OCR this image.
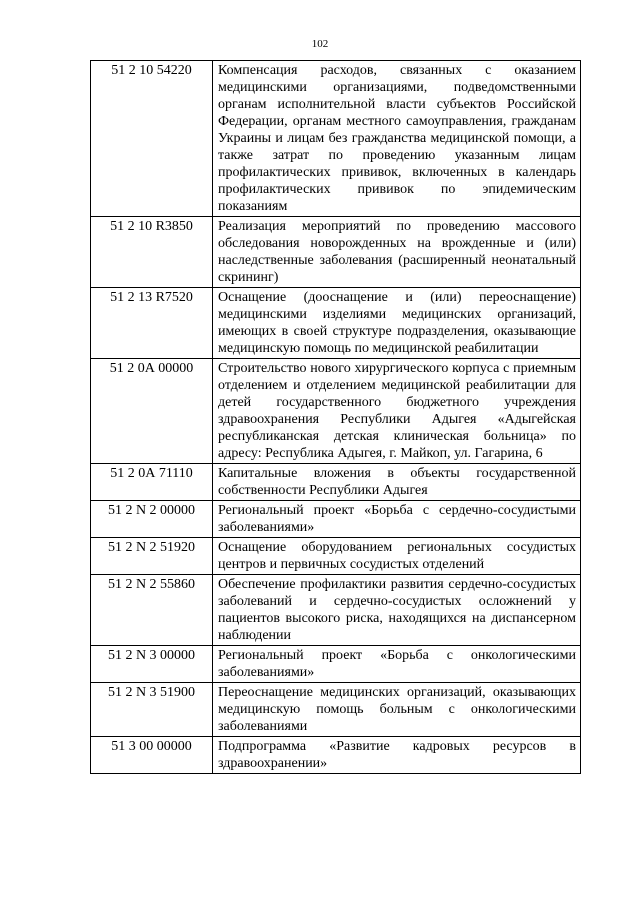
102
51 2 10 54220	Компенсация расходов, связанных с оказанием медицинскими организациями, подведомственными органам исполнительной власти субъектов Российской Федерации, органам местного самоуправления, гражданам Украины и лицам без гражданства медицинской помощи, а также затрат по проведению указанным лицам профилактических прививок, включенных в календарь профилактических прививок по эпидемическим показаниям
51 2 10 R3850	Реализация мероприятий по проведению массового обследования новорожденных на врожденные и (или) наследственные заболевания (расширенный неонатальный скрининг)
51 2 13 R7520	Оснащение (дооснащение и (или) переоснащение) медицинскими изделиями медицинских организаций, имеющих в своей структуре подразделения, оказывающие медицинскую помощь по медицинской реабилитации
51 2 0А 00000	Строительство нового хирургического корпуса с приемным отделением и отделением медицинской реабилитации для детей государственного бюджетного учреждения здравоохранения Республики Адыгея «Адыгейская республиканская детская клиническая больница» по адресу: Республика Адыгея, г. Майкоп, ул. Гагарина, 6
51 2 0А 71110	Капитальные вложения в объекты государственной собственности Республики Адыгея
51 2 N 2 00000	Региональный проект «Борьба с сердечно-сосудистыми заболеваниями»
51 2 N 2 51920	Оснащение оборудованием региональных сосудистых центров и первичных сосудистых отделений
51 2 N 2 55860	Обеспечение профилактики развития сердечно-сосудистых заболеваний и сердечно-сосудистых осложнений у пациентов высокого риска, находящихся на диспансерном наблюдении
51 2 N 3 00000	Региональный проект «Борьба с онкологическими заболеваниями»
51 2 N 3 51900	Переоснащение медицинских организаций, оказывающих медицинскую помощь больным с онкологическими заболеваниями
51 3 00 00000	Подпрограмма «Развитие кадровых ресурсов в здравоохранении»
